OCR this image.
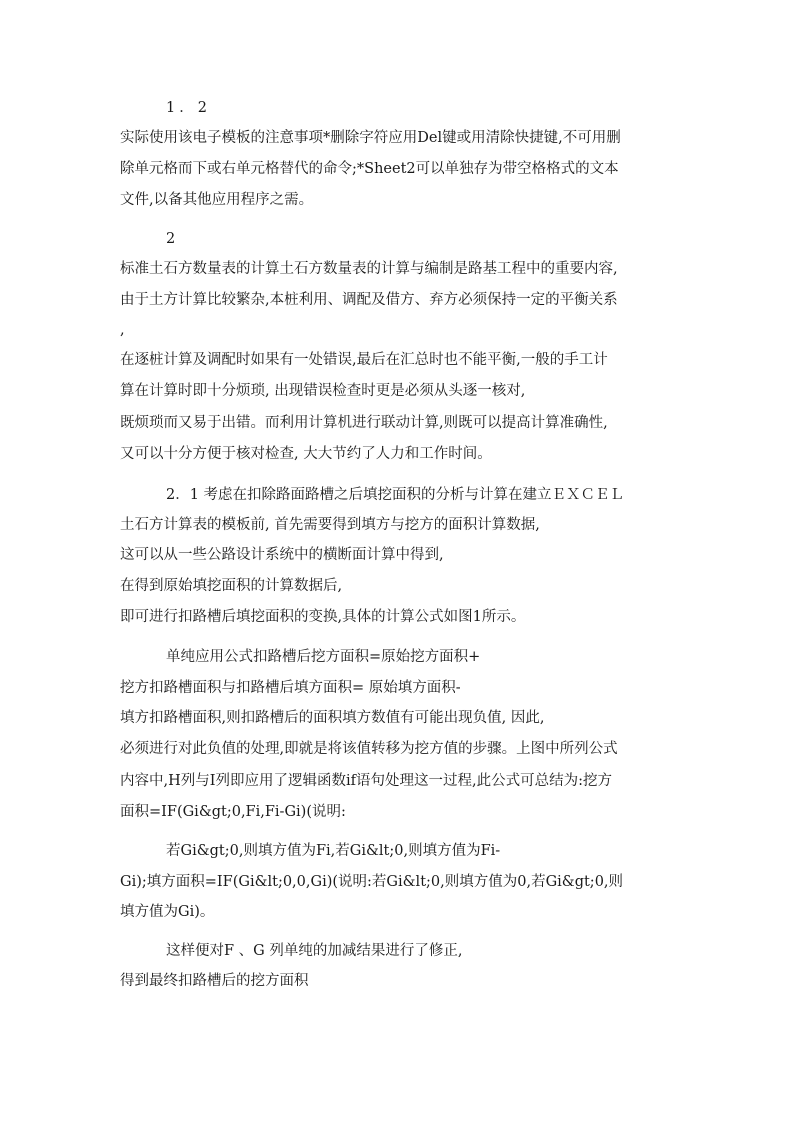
1．2
实际使用该电子模板的注意事项*删除字符应用Del键或用清除快捷键,不可用删
除单元格而下或右单元格替代的命令;*Sheet2可以单独存为带空格格式的文本
文件,以备其他应用程序之需。
2
标准土石方数量表的计算土石方数量表的计算与编制是路基工程中的重要内容,
由于土方计算比较繁杂,本桩利用、调配及借方、弃方必须保持一定的平衡关系
,
在逐桩计算及调配时如果有一处错误,最后在汇总时也不能平衡,一般的手工计
算在计算时即十分烦琐, 出现错误检查时更是必须从头逐一核对,
既烦琐而又易于出错。而利用计算机进行联动计算,则既可以提高计算准确性,
又可以十分方便于核对检查, 大大节约了人力和工作时间。
2．1 考虑在扣除路面路槽之后填挖面积的分析与计算在建立ＥＸＣＥＬ
土石方计算表的模板前, 首先需要得到填方与挖方的面积计算数据,
这可以从一些公路设计系统中的横断面计算中得到,
在得到原始填挖面积的计算数据后,
即可进行扣路槽后填挖面积的变换,具体的计算公式如图1所示。
单纯应用公式扣路槽后挖方面积=原始挖方面积+
挖方扣路槽面积与扣路槽后填方面积= 原始填方面积-
填方扣路槽面积,则扣路槽后的面积填方数值有可能出现负值, 因此,
必须进行对此负值的处理,即就是将该值转移为挖方值的步骤。上图中所列公式
内容中,H列与I列即应用了逻辑函数if语句处理这一过程,此公式可总结为:挖方
面积=IF(Gi&gt;0,Fi,Fi-Gi)(说明:
若Gi&gt;0,则填方值为Fi,若Gi&lt;0,则填方值为Fi-
Gi);填方面积=IF(Gi&lt;0,0,Gi)(说明:若Gi&lt;0,则填方值为0,若Gi&gt;0,则
填方值为Gi)。
这样便对F 、G 列单纯的加减结果进行了修正,
得到最终扣路槽后的挖方面积
